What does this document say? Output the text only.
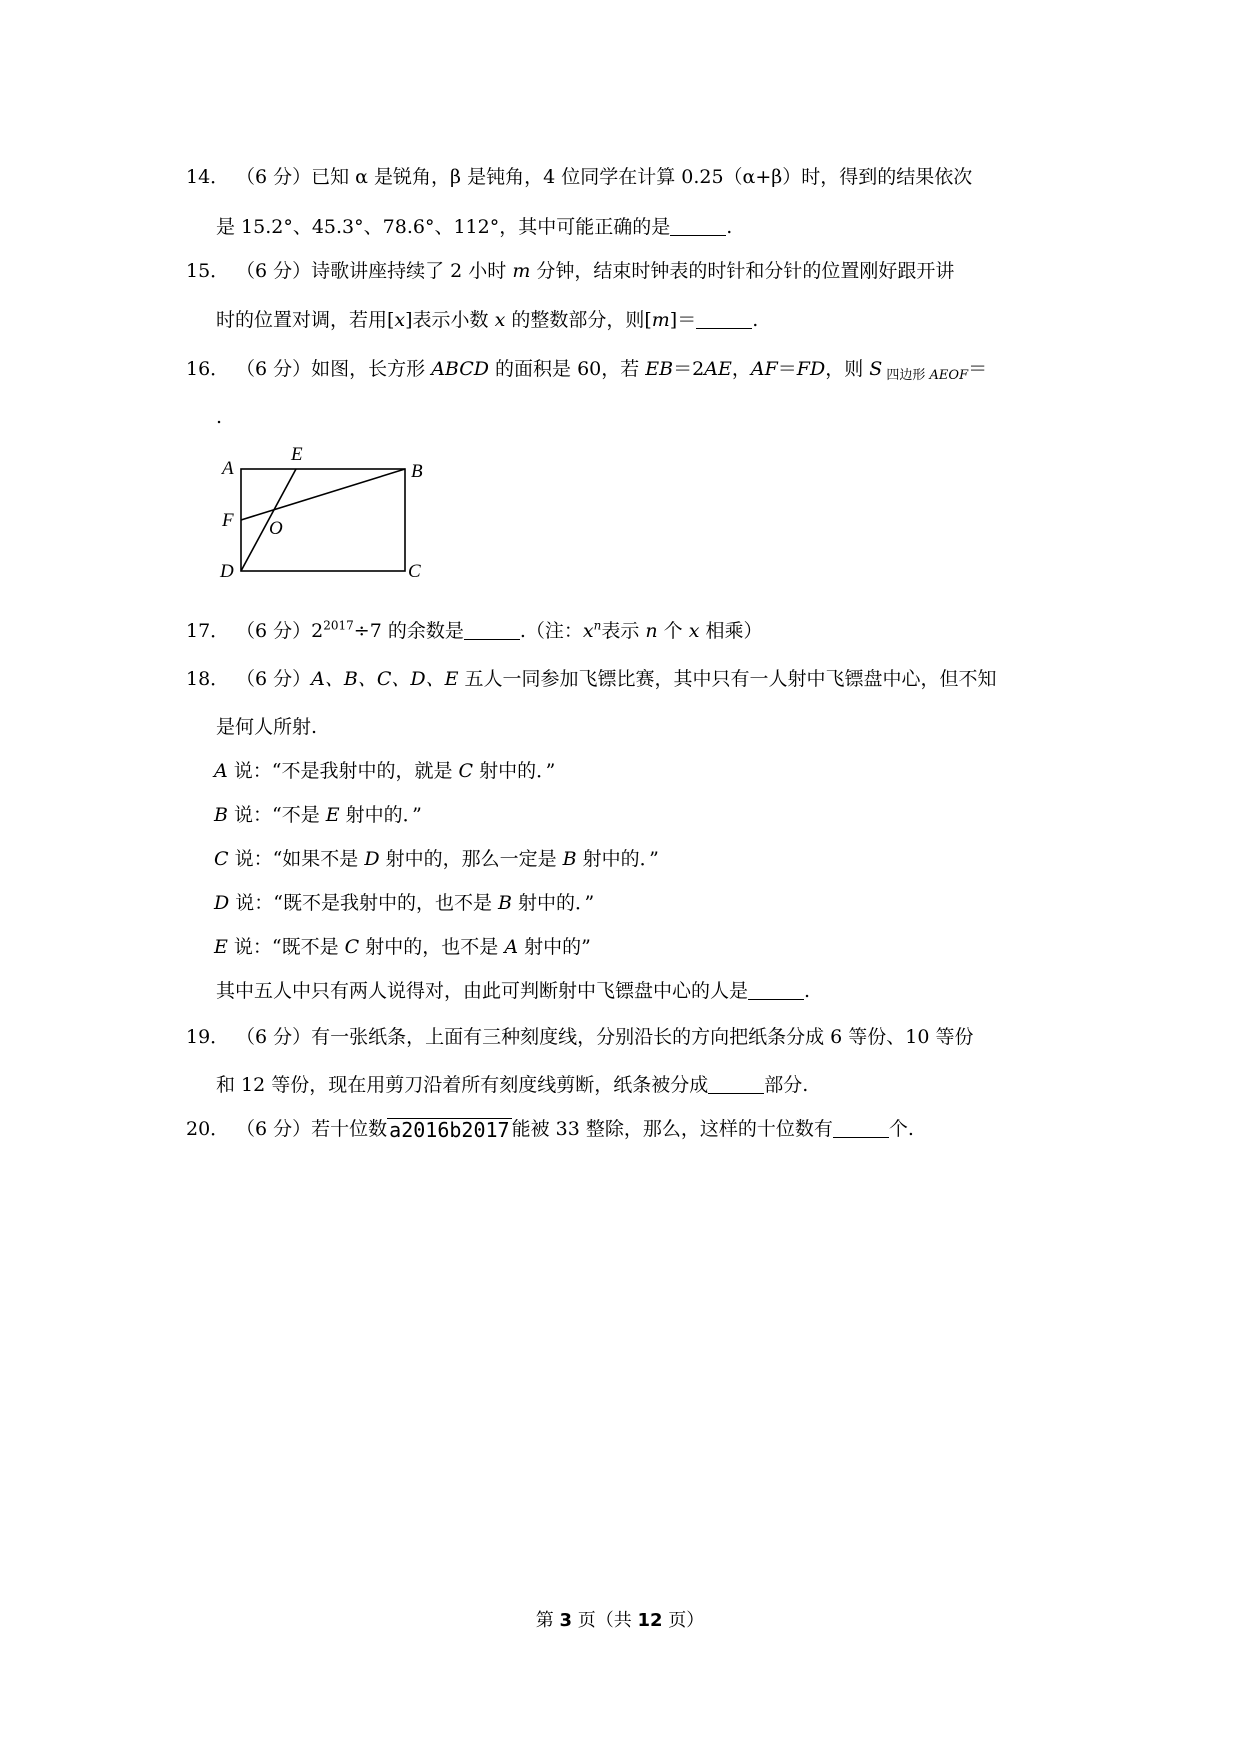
14． （6 分）已知 α 是锐角，β 是钝角，4 位同学在计算 0.25（α+β）时，得到的结果依次
是 15.2°、45.3°、78.6°、112°，其中可能正确的是	.
15． （6 分）诗歌讲座持续了 2 小时 m 分钟，结束时钟表的时针和分针的位置刚好跟开讲
时的位置对调，若用[x]表示小数 x 的整数部分，则[m]＝	.
16． （6 分）如图，长方形 ABCD 的面积是 60，若 EB＝2AE，AF＝FD，则 S $_{四边形}$ $_{AEOF}$＝
.
A
E
B
F O
D	C
17． （6 分）$2^{2017}\div 7$ 的余数是	.（注：$x^n$表示 n 个 x 相乘）
18． （6 分）A、B、C、D、E 五人一同参加飞镖比赛，其中只有一人射中飞镖盘中心，但不知
是何人所射.
A 说：“不是我射中的，就是 C 射中的．”
B 说：“不是 E 射中的．”
C 说：“如果不是 D 射中的，那么一定是 B 射中的．”
D 说：“既不是我射中的，也不是 B 射中的．”
E 说：“既不是 C 射中的，也不是 A 射中的”
其中五人中只有两人说得对，由此可判断射中飞镖盘中心的人是	.
19． （6 分）有一张纸条，上面有三种刻度线，分别沿长的方向把纸条分成 6 等份、10 等份
和 12 等份，现在用剪刀沿着所有刻度线剪断，纸条被分成	部分.
20． （6 分）若十位数 a2016b2017 能被 33 整除，那么，这样的十位数有	个.
第 3 页（共 12 页）
